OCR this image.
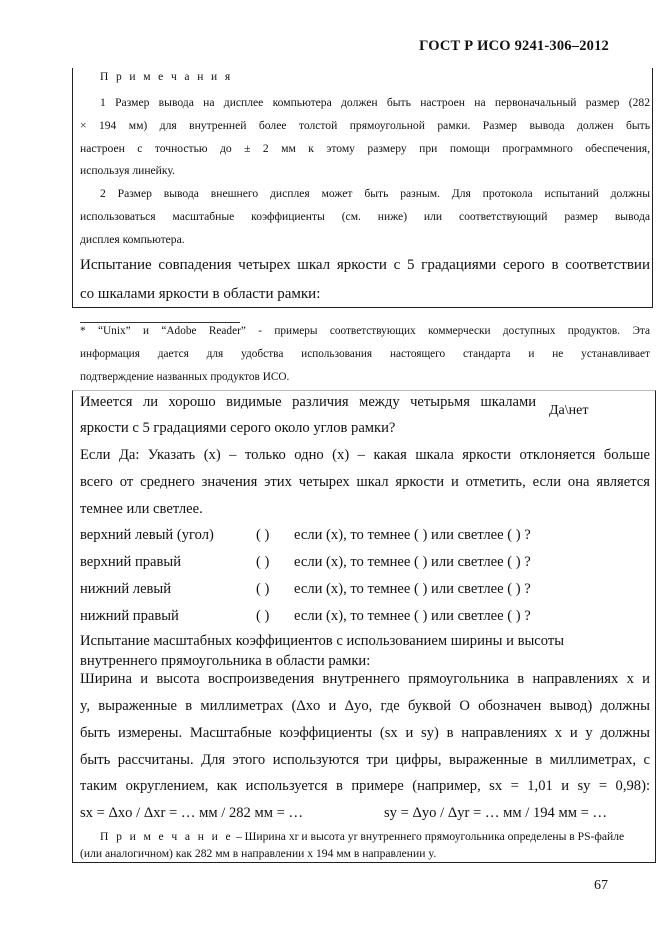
ГОСТ Р ИСО 9241-306–2012
П р и м е ч а н и я
1 Размер вывода на дисплее компьютера должен быть настроен на первоначальный размер (282
× 194 мм) для внутренней более толстой прямоугольной рамки. Размер вывода должен быть
настроен с точностью до ± 2 мм к этому размеру при помощи программного обеспечения,
используя линейку.
2 Размер вывода внешнего дисплея может быть разным. Для протокола испытаний должны
использоваться масштабные коэффициенты (см. ниже) или соответствующий размер вывода
дисплея компьютера.
Испытание совпадения четырех шкал яркости с 5 градациями серого в соответствии
со шкалами яркости в области рамки:
* “Unix” и “Adobe Reader” - примеры соответствующих коммерчески доступных продуктов. Эта
информация дается для удобства использования настоящего стандарта и не устанавливает
подтверждение названных продуктов ИСО.
Имеется ли хорошо видимые различия между четырьмя шкалами
яркости с 5 градациями серого около углов рамки?
Да\нет
Если Да: Указать (x) – только одно (x) – какая шкала яркости отклоняется больше
всего от среднего значения этих четырех шкал яркости и отметить, если она является
темнее или светлее.
верхний левый (угол)	( ) если (x), то темнее ( ) или светлее ( ) ?
верхний правый	( ) если (x), то темнее ( ) или светлее ( ) ?
нижний левый	( ) если (x), то темнее ( ) или светлее ( ) ?
нижний правый	( ) если (x), то темнее ( ) или светлее ( ) ?
Испытание масштабных коэффициентов с использованием ширины и высоты
внутреннего прямоугольника в области рамки:
Ширина и высота воспроизведения внутреннего прямоугольника в направлениях x и
y, выраженные в миллиметрах (Δxo и Δyo, где буквой О обозначен вывод) должны
быть измерены. Масштабные коэффициенты (sx и sy) в направлениях x и y должны
быть рассчитаны. Для этого используются три цифры, выраженные в миллиметрах, с
таким округлением, как используется в примере (например, sx = 1,01 и sy = 0,98):
sx = Δxo / Δxr = … мм / 282 мм = …	sy = Δyo / Δyr = … мм / 194 мм = …
П р и м е ч а н и е – Ширина xr и высота yr внутреннего прямоугольника определены в PS-файле
(или аналогичном) как 282 мм в направлении x 194 мм в направлении y.
67
